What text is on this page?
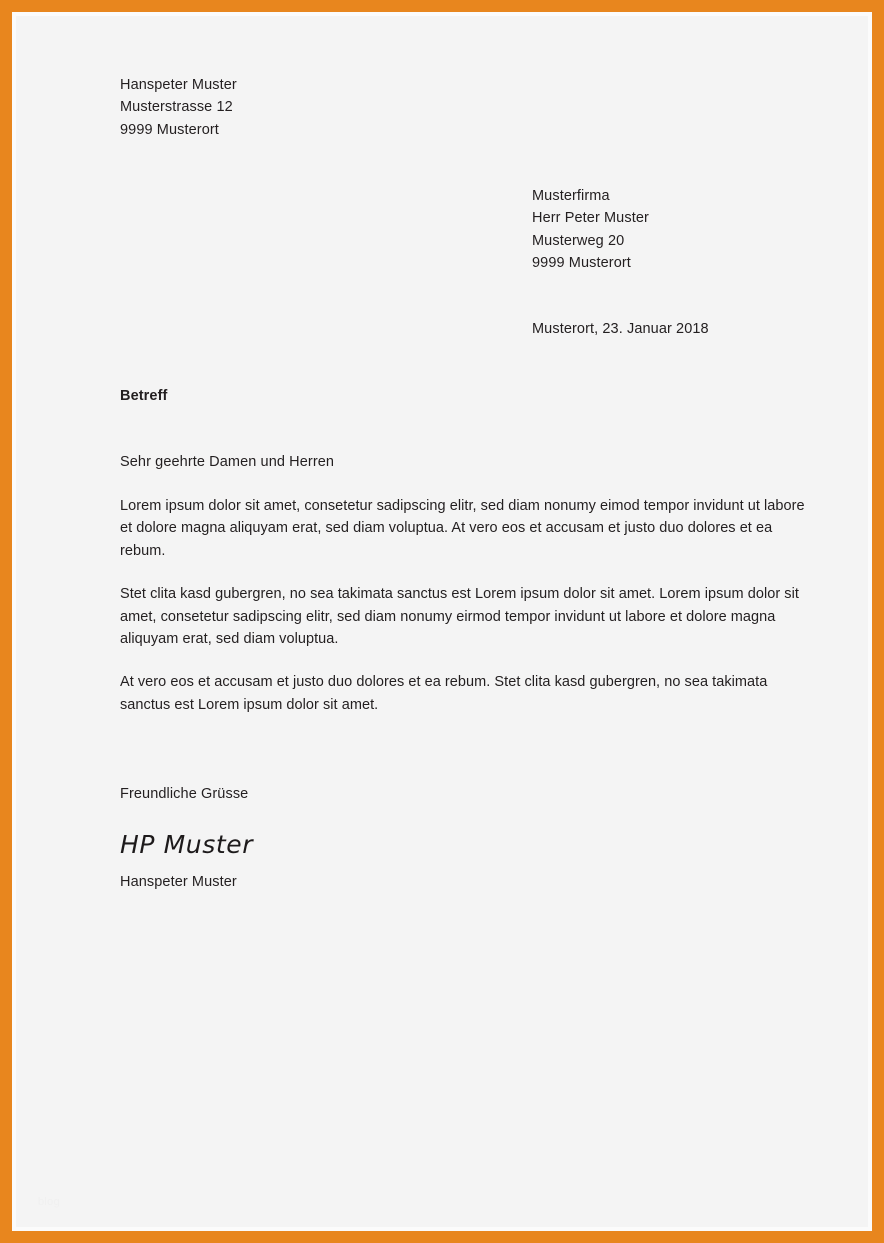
Hanspeter Muster
Musterstrasse 12
9999 Musterort
Musterfirma
Herr Peter Muster
Musterweg 20
9999 Musterort
Musterort, 23. Januar 2018
Betreff
Sehr geehrte Damen und Herren

Lorem ipsum dolor sit amet, consetetur sadipscing elitr, sed diam nonumy eimod tempor invidunt ut labore et dolore magna aliquyam erat, sed diam voluptua. At vero eos et accusam et justo duo dolores et ea rebum.

Stet clita kasd gubergren, no sea takimata sanctus est Lorem ipsum dolor sit amet. Lorem ipsum dolor sit amet, consetetur sadipscing elitr, sed diam nonumy eirmod tempor invidunt ut labore et dolore magna aliquyam erat, sed diam voluptua.

At vero eos et accusam et justo duo dolores et ea rebum. Stet clita kasd gubergren, no sea takimata sanctus est Lorem ipsum dolor sit amet.

Freundliche Grüsse
HP Muster
Hanspeter Muster
blog
